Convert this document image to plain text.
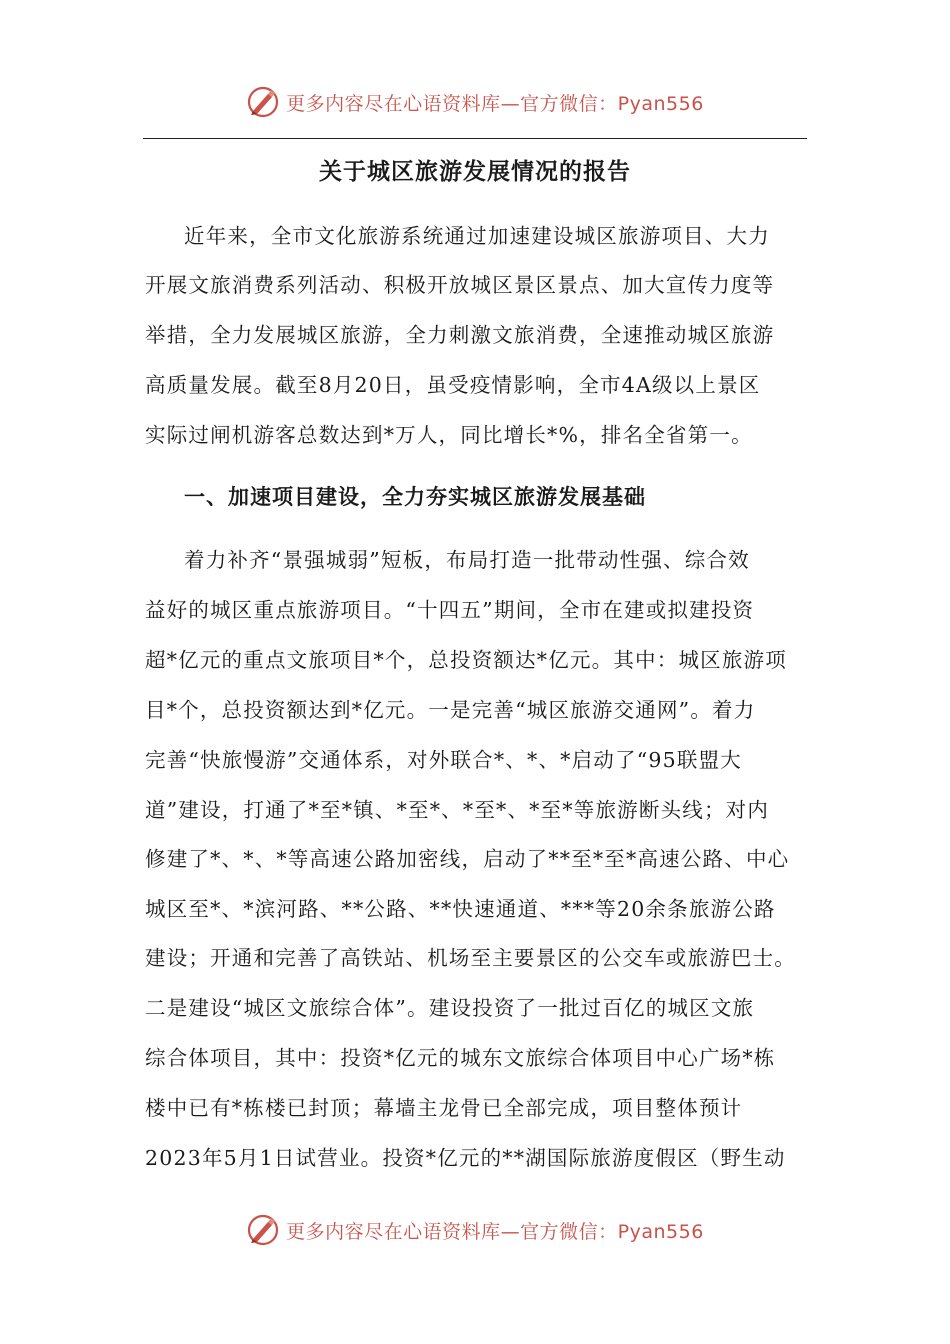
更多内容尽在心语资料库—官方微信：Pyan556
关于城区旅游发展情况的报告
近年来，全市文化旅游系统通过加速建设城区旅游项目、大力
开展文旅消费系列活动、积极开放城区景区景点、加大宣传力度等
举措，全力发展城区旅游，全力刺激文旅消费，全速推动城区旅游
高质量发展。截至8月20日，虽受疫情影响，全市4A级以上景区
实际过闸机游客总数达到*万人，同比增长*%，排名全省第一。
一、加速项目建设，全力夯实城区旅游发展基础
着力补齐“景强城弱”短板，布局打造一批带动性强、综合效
益好的城区重点旅游项目。“十四五”期间，全市在建或拟建投资
超*亿元的重点文旅项目*个，总投资额达*亿元。其中：城区旅游项
目*个，总投资额达到*亿元。一是完善“城区旅游交通网”。着力
完善“快旅慢游”交通体系，对外联合*、*、*启动了“95联盟大
道”建设，打通了*至*镇、*至*、*至*、*至*等旅游断头线；对内
修建了*、*、*等高速公路加密线，启动了**至*至*高速公路、中心
城区至*、*滨河路、**公路、**快速通道、***等20余条旅游公路
建设；开通和完善了高铁站、机场至主要景区的公交车或旅游巴士。
二是建设“城区文旅综合体”。建设投资了一批过百亿的城区文旅
综合体项目，其中：投资*亿元的城东文旅综合体项目中心广场*栋
楼中已有*栋楼已封顶；幕墙主龙骨已全部完成，项目整体预计
2023年5月1日试营业。投资*亿元的**湖国际旅游度假区（野生动
更多内容尽在心语资料库—官方微信：Pyan556
